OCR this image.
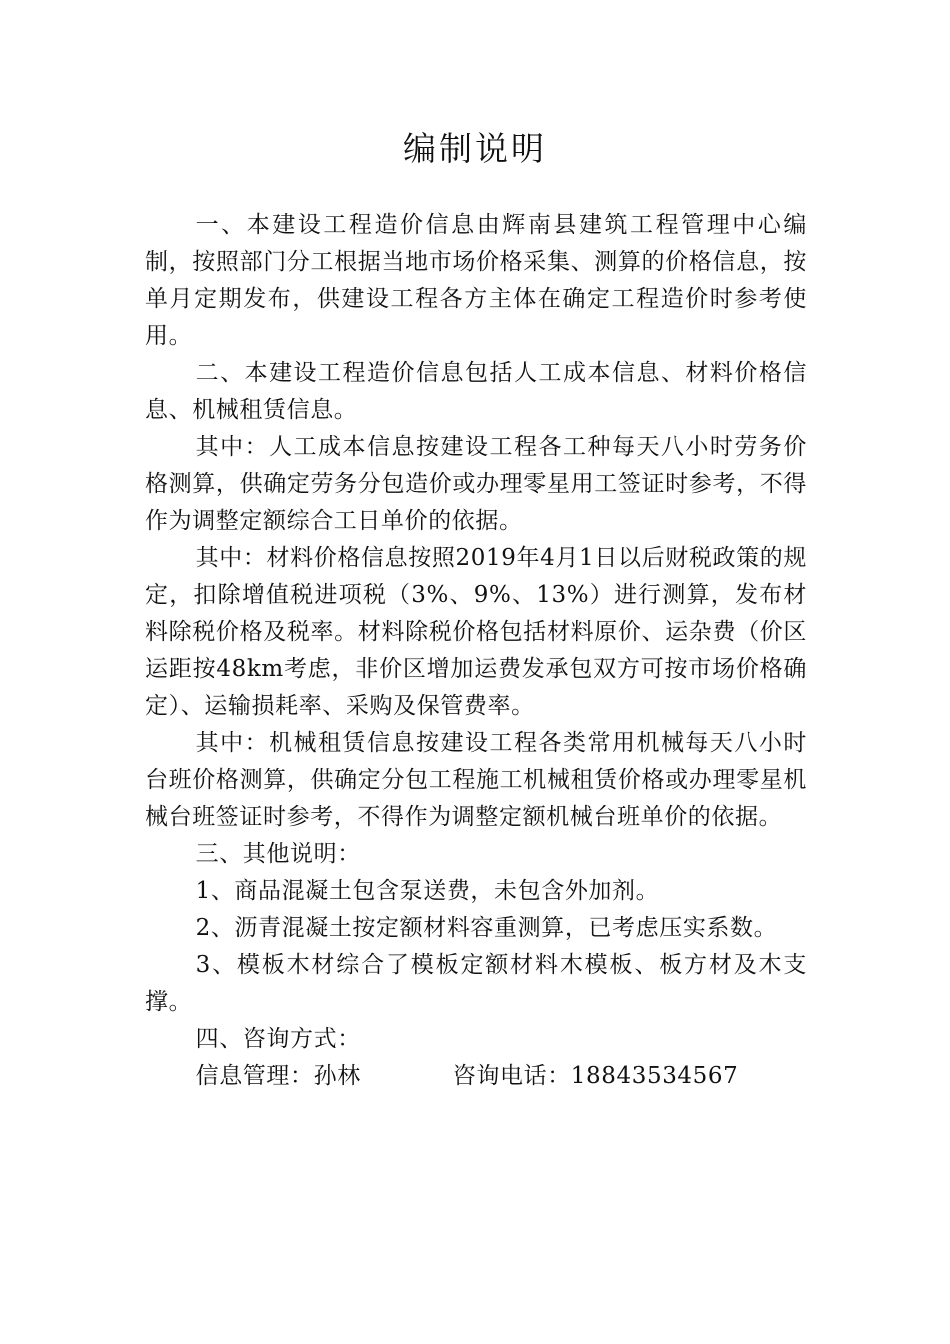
编制说明

一、本建设工程造价信息由辉南县建筑工程管理中心编制，按照部门分工根据当地市场价格采集、测算的价格信息，按单月定期发布，供建设工程各方主体在确定工程造价时参考使用。

二、本建设工程造价信息包括人工成本信息、材料价格信息、机械租赁信息。

其中：人工成本信息按建设工程各工种每天八小时劳务价格测算，供确定劳务分包造价或办理零星用工签证时参考，不得作为调整定额综合工日单价的依据。

其中：材料价格信息按照2019年4月1日以后财税政策的规定，扣除增值税进项税（3%、9%、13%）进行测算，发布材料除税价格及税率。材料除税价格包括材料原价、运杂费（价区运距按48km考虑，非价区增加运费发承包双方可按市场价格确定）、运输损耗率、采购及保管费率。

其中：机械租赁信息按建设工程各类常用机械每天八小时台班价格测算，供确定分包工程施工机械租赁价格或办理零星机械台班签证时参考，不得作为调整定额机械台班单价的依据。

三、其他说明：

1、商品混凝土包含泵送费，未包含外加剂。

2、沥青混凝土按定额材料容重测算，已考虑压实系数。

3、模板木材综合了模板定额材料木模板、板方材及木支撑。

四、咨询方式：

信息管理：孙林	咨询电话：18843534567
